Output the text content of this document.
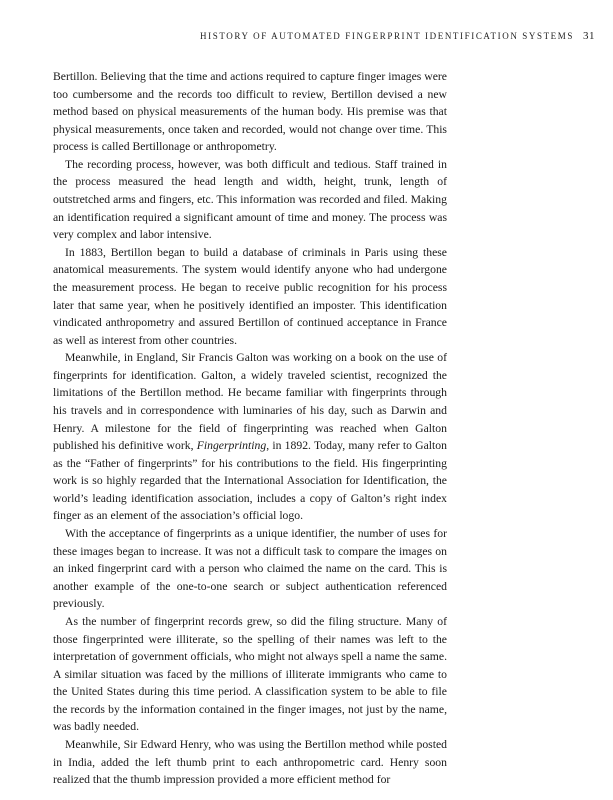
HISTORY OF AUTOMATED FINGERPRINT IDENTIFICATION SYSTEMS 31

Bertillon. Believing that the time and actions required to capture finger images were too cumbersome and the records too difficult to review, Bertillon devised a new method based on physical measurements of the human body. His premise was that physical measurements, once taken and recorded, would not change over time. This process is called Bertillonage or anthropometry.

The recording process, however, was both difficult and tedious. Staff trained in the process measured the head length and width, height, trunk, length of outstretched arms and fingers, etc. This information was recorded and filed. Making an identification required a significant amount of time and money. The process was very complex and labor intensive.

In 1883, Bertillon began to build a database of criminals in Paris using these anatomical measurements. The system would identify anyone who had undergone the measurement process. He began to receive public recognition for his process later that same year, when he positively identified an imposter. This identification vindicated anthropometry and assured Bertillon of continued acceptance in France as well as interest from other countries.

Meanwhile, in England, Sir Francis Galton was working on a book on the use of fingerprints for identification. Galton, a widely traveled scientist, recognized the limitations of the Bertillon method. He became familiar with fingerprints through his travels and in correspondence with luminaries of his day, such as Darwin and Henry. A milestone for the field of fingerprinting was reached when Galton published his definitive work, Fingerprinting, in 1892. Today, many refer to Galton as the “Father of fingerprints” for his contributions to the field. His fingerprinting work is so highly regarded that the International Association for Identification, the world’s leading identification association, includes a copy of Galton’s right index finger as an element of the association’s official logo.

With the acceptance of fingerprints as a unique identifier, the number of uses for these images began to increase. It was not a difficult task to compare the images on an inked fingerprint card with a person who claimed the name on the card. This is another example of the one-to-one search or subject authentication referenced previously.

As the number of fingerprint records grew, so did the filing structure. Many of those fingerprinted were illiterate, so the spelling of their names was left to the interpretation of government officials, who might not always spell a name the same. A similar situation was faced by the millions of illiterate immigrants who came to the United States during this time period. A classification system to be able to file the records by the information contained in the finger images, not just by the name, was badly needed.

Meanwhile, Sir Edward Henry, who was using the Bertillon method while posted in India, added the left thumb print to each anthropometric card. Henry soon realized that the thumb impression provided a more efficient method for
